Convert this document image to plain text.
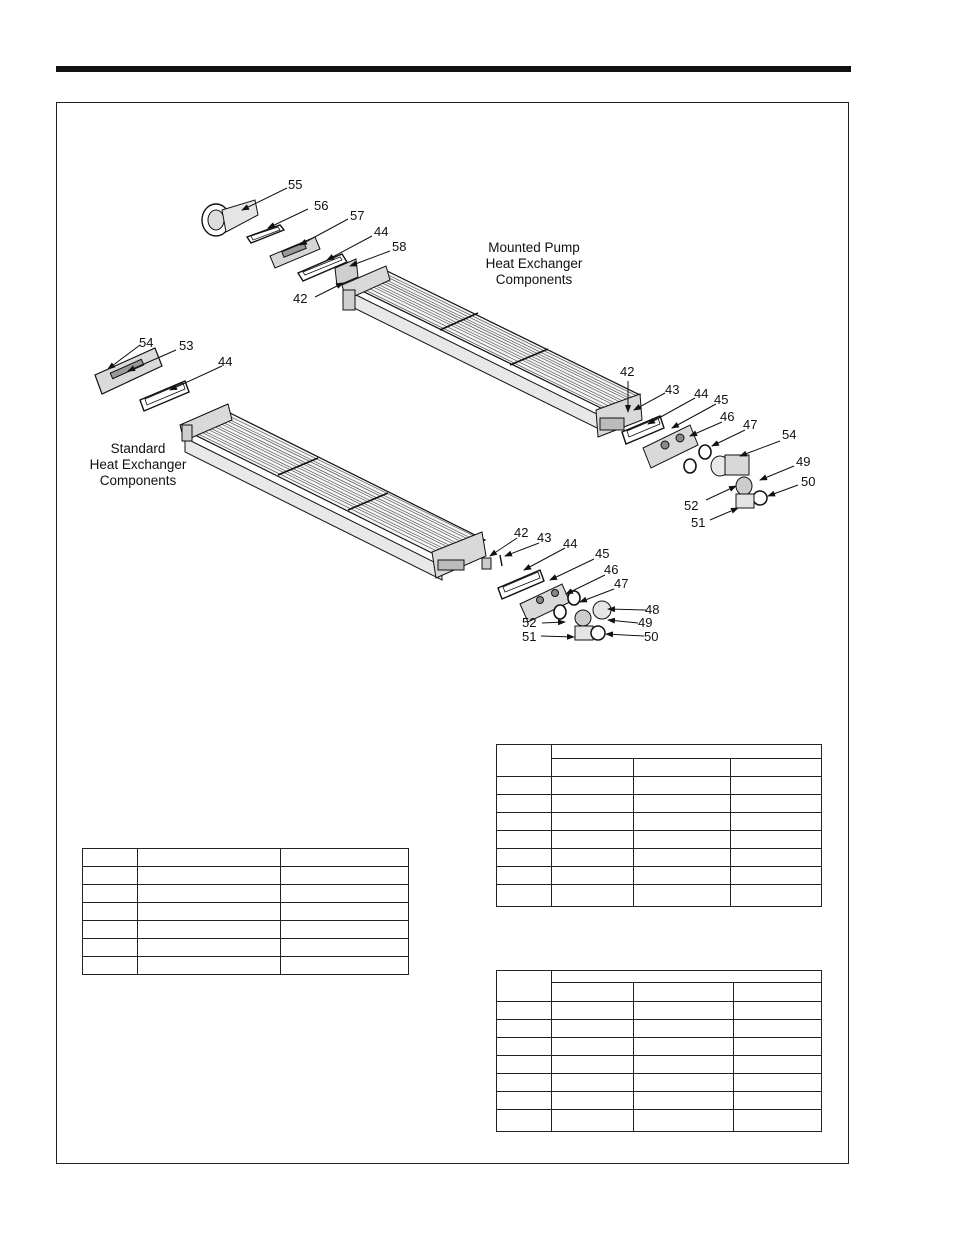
55
56
57
44
58
42
42
43 44 45
46
47
54
49
52
50
51
54 53
44
42 43 44
45
46
47
48
52	49
51	50
Mounted Pump
Heat Exchanger
Components
Standard
Heat Exchanger
Components
